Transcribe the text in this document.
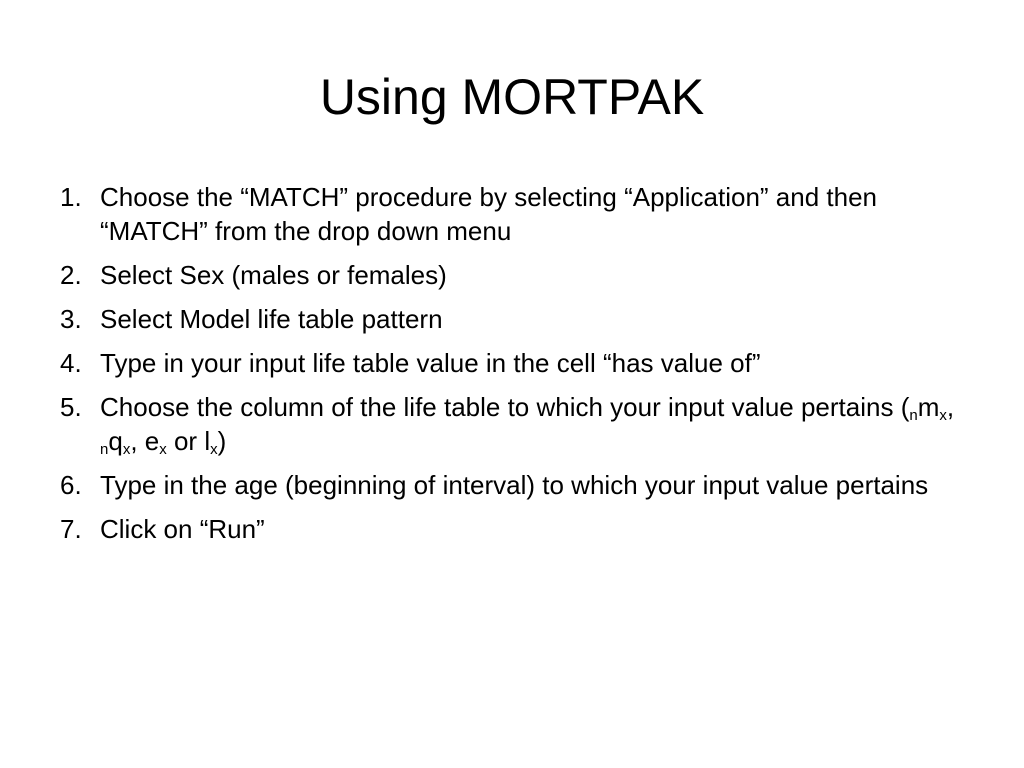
Using MORTPAK
1. Choose the “MATCH” procedure by selecting “Application” and then “MATCH” from the drop down menu
2. Select Sex (males or females)
3. Select Model life table pattern
4. Type in your input life table value in the cell “has value of”
5. Choose the column of the life table to which your input value pertains ($_nm_x$, $_nq_x$, $e_x$ or $l_x$)
6. Type in the age (beginning of interval) to which your input value pertains
7. Click on “Run”
